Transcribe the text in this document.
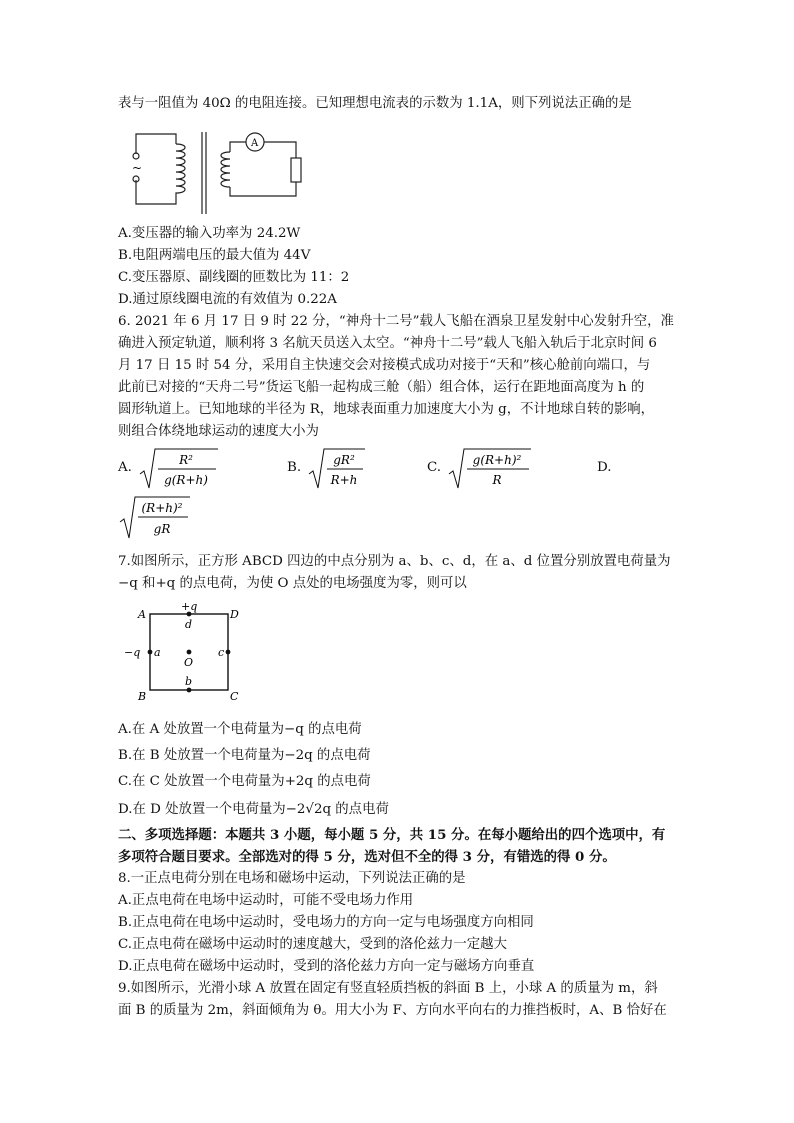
表与一阻值为 40Ω 的电阻连接。已知理想电流表的示数为 1.1A，则下列说法正确的是
A
~
A.变压器的输入功率为 24.2W
B.电阻两端电压的最大值为 44V
C.变压器原、副线圈的匝数比为 11：2
D.通过原线圈电流的有效值为 0.22A
6. 2021 年 6 月 17 日 9 时 22 分，“神舟十二号”载人飞船在酒泉卫星发射中心发射升空，准
确进入预定轨道，顺利将 3 名航天员送入太空。“神舟十二号”载人飞船入轨后于北京时间 6
月 17 日 15 时 54 分，采用自主快速交会对接模式成功对接于“天和”核心舱前向端口，与
此前已对接的“天舟二号”货运飞船一起构成三舱（船）组合体，运行在距地面高度为 h 的
圆形轨道上。已知地球的半径为 R，地球表面重力加速度大小为 g，不计地球自转的影响，
则组合体绕地球运动的速度大小为
A.	R²
g(R+h)
B.	gR²
R+h
C.	g(R+h)²
R
D.
(R+h)²
gR
7.如图所示，正方形 ABCD 四边的中点分别为 a、b、c、d，在 a、d 位置分别放置电荷量为
−q 和+q 的点电荷，为使 O 点处的电场强度为零，则可以
A
B	C
D
a
b
c
d
O
+q
−q
A.在 A 处放置一个电荷量为−q 的点电荷
B.在 B 处放置一个电荷量为−2q 的点电荷
C.在 C 处放置一个电荷量为+2q 的点电荷
D.在 D 处放置一个电荷量为−2√2q 的点电荷
二、多项选择题：本题共 3 小题，每小题 5 分，共 15 分。在每小题给出的四个选项中，有
多项符合题目要求。全部选对的得 5 分，选对但不全的得 3 分，有错选的得 0 分。
8.一正点电荷分别在电场和磁场中运动，下列说法正确的是
A.正点电荷在电场中运动时，可能不受电场力作用
B.正点电荷在电场中运动时，受电场力的方向一定与电场强度方向相同
C.正点电荷在磁场中运动时的速度越大，受到的洛伦兹力一定越大
D.正点电荷在磁场中运动时，受到的洛伦兹力方向一定与磁场方向垂直
9.如图所示，光滑小球 A 放置在固定有竖直轻质挡板的斜面 B 上，小球 A 的质量为 m，斜
面 B 的质量为 2m，斜面倾角为 θ。用大小为 F、方向水平向右的力推挡板时，A、B 恰好在
